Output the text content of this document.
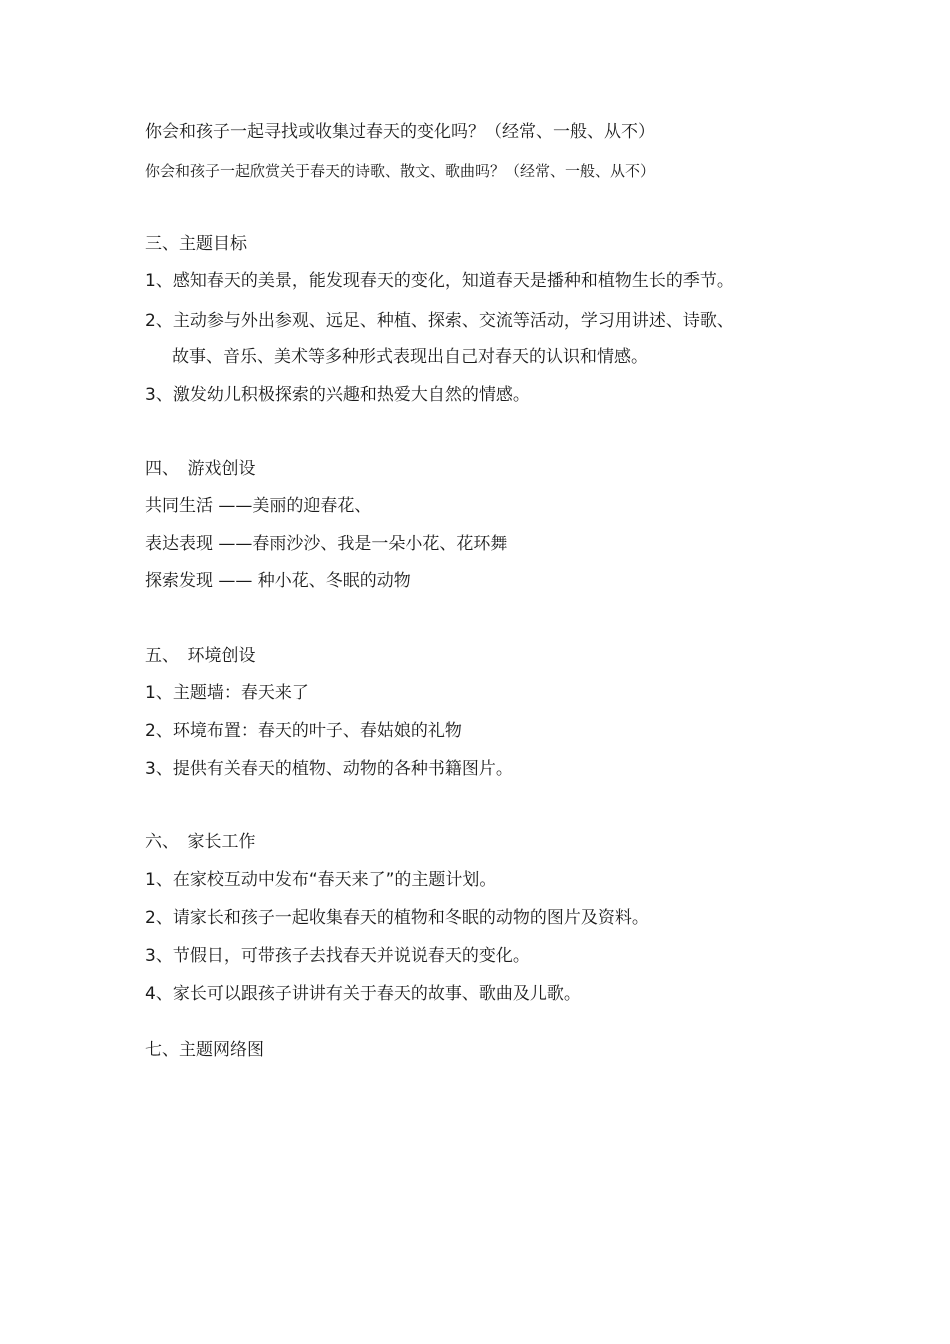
你会和孩子一起寻找或收集过春天的变化吗？（经常、一般、从不）
你会和孩子一起欣赏关于春天的诗歌、散文、歌曲吗？（经常、一般、从不）
三、主题目标
1、感知春天的美景，能发现春天的变化，知道春天是播种和植物生长的季节。
2、主动参与外出参观、远足、种植、探索、交流等活动，学习用讲述、诗歌、
故事、音乐、美术等多种形式表现出自己对春天的认识和情感。
3、激发幼儿积极探索的兴趣和热爱大自然的情感。
四、　游戏创设
共同生活 ——美丽的迎春花、
表达表现 ——春雨沙沙、我是一朵小花、花环舞
探索发现 —— 种小花、冬眠的动物
五、　环境创设
1、主题墙：春天来了
2、环境布置：春天的叶子、春姑娘的礼物
3、提供有关春天的植物、动物的各种书籍图片。
六、　家长工作
1、在家校互动中发布“春天来了”的主题计划。
2、请家长和孩子一起收集春天的植物和冬眠的动物的图片及资料。
3、节假日，可带孩子去找春天并说说春天的变化。
4、家长可以跟孩子讲讲有关于春天的故事、歌曲及儿歌。
七、主题网络图
